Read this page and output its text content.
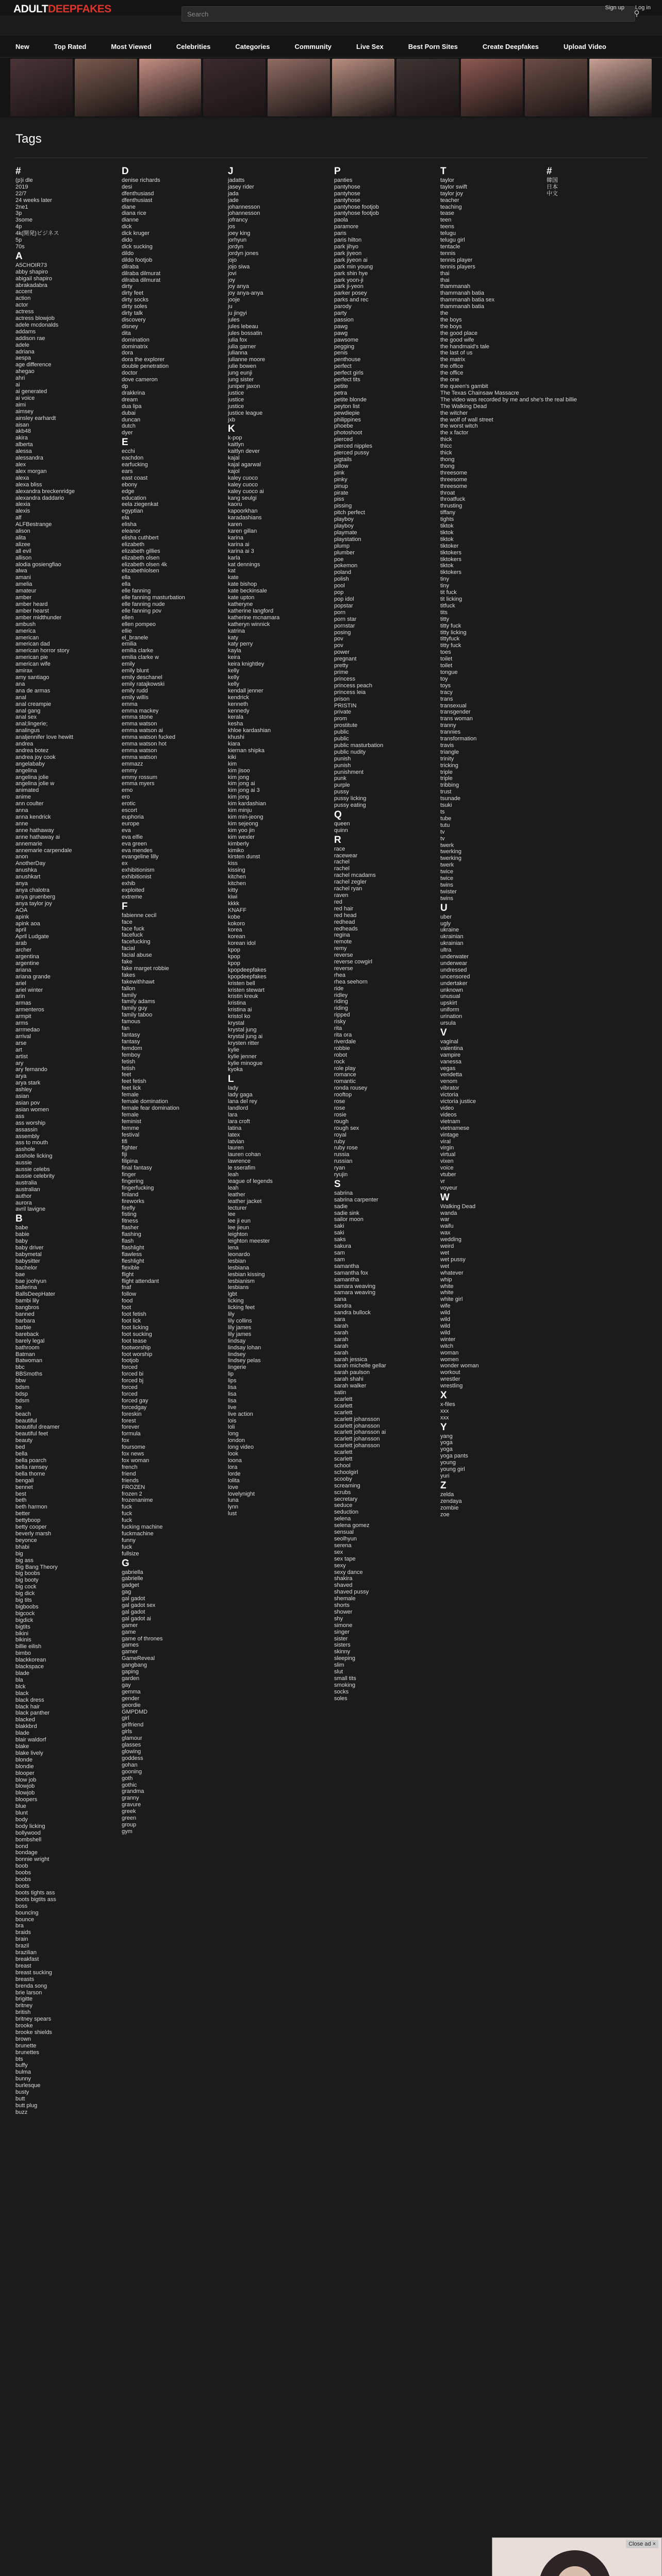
ADULTDEEPFAKES	Search	⚲
Sign up Log in
New	Top Rated	Most Viewed	Celebrities	Categories	Community	Live Sex	Best Porn Sites	Create Deepfakes	Upload Video
Tags
#
(p)i dle
2019
22/7
24 weeks later
2ne1
3p
3some
4p
4k(開発)ビジネス
5p
70s
A
A5CHOIR73
abby shapiro
abigail shapiro
abrakadabra
accent
action
actor
actress
actress blowjob
adele mcdonalds
addams
addison rae
adele
adriana
aespa
age difference
ahegao
ahri
ai
ai generated
ai voice
aimi
aimsey
ainsley earhardt
aisan
akb48
akira
alberta
alessa
alessandra
alex
alex morgan
alexa
alexa bliss
alexandra breckenridge
alexandra daddario
alexia
alexis
alf
ALFBestrange
alison
alita
alizee
all evil
allison
alodia gosiengfiao
alwa
amani
amelia
amateur
amber
amber heard
amber hearst
amber midthunder
ambush
america
american
american dad
american horror story
american pie
american wife
amirax
amy santiago
ana
ana de armas
anal
anal creampie
anal gang
anal sex
anal;lingerie;
analingus
analjennifer love hewitt
andrea
andrea botez
andrea joy cook
angelababy
angelina
angelina jolie
angelina jolie w
animated
anime
ann coulter
anna
anna kendrick
anne
anne hathaway
anne hathaway ai
annemarie
annemarie carpendale
anon
AnotherDay
anushka
anushkart
anya
anya chalotra
anya gruenberg
anya taylor joy
AOA
apink
apink aoa
april
April Ludgate
arab
archer
argentina
argentine
ariana
ariana grande
ariel
ariel winter
arin
armas
armenteros
armpit
arms
arrmedao
arrival
arse
art
artist
ary
ary fernando
arya
arya stark
ashley
asian
asian pov
asian women
ass
ass worship
assassin
assembly
ass to mouth
asshole
asshole licking
aussie
aussie celebs
aussie celebrity
australia
australian
author
aurora
avril lavigne
B
babe
babie
baby
baby driver
babymetal
babysitter
bachelor
bae
bae joohyun
ballerina
BallsDeepHater
bambi lily
bangbros
banned
barbara
barbie
bareback
barely legal
bathroom
Batman
Batwoman
bbc
BBSmoths
bbw
bdsm
bdsp
bdsm
be
beach
beautiful
beautiful dreamer
beautiful feet
beauty
bed
bella
bella poarch
bella ramsey
bella thorne
bengali
bennet
best
beth
beth harmon
better
bettyboop
betty cooper
beverly marsh
beyonce
bhabi
big
big ass
Big Bang Theory
big boobs
big booty
big cock
big dick
big tits
bigboobs
bigcock
bigdick
bigtits
bikini
bikinis
billie eilish
bimbo
blackkorean
blackspace
blade
bla
blck
black
black dress
black hair
black panther
blacked
blakkbrd
blade
blair waldorf
blake
blake lively
blonde
blondie
blooper
blow job
blowjob
blowjob
bloopers
blue
blunt
body
body licking
bollywood
bombshell
bond
bondage
bonnie wright
boob
boobs
boobs
boots
boots tights ass
boots bigtits ass
boss
bouncing
bounce
bra
braids
brain
brazil
brazilian
breakfast
breast
breast sucking
breasts
brenda song
brie larson
brigitte
britney
british
britney spears
brooke
brooke shields
brown
brunette
brunettes
bts
buffy
bulma
bunny
burlesque
busty
butt
butt plug
buzz
D
denise richards
desi
dfenthusiasd
dfenthusiast
diane
diana rice
dianne
dick
dick kruger
dido
dick sucking
dildo
dildo footjob
dilraba
dilraba dilmurat
dilraba dilmurat
dirty
dirty feet
dirty socks
dirty soles
dirty talk
discovery
disney
dita
domination
dominatrix
dora
dora the explorer
double penetration
doctor
dove cameron
dp
drakkrina
dream
dua lipa
dubai
duncan
dutch
dyer
E
ecchi
eachdon
earfucking
ears
east coast
ebony
edge
education
eela ziegenkat
egyptian
ela
elisha
eleanor
elisha cuthbert
elizabeth
elizabeth gillies
elizabeth olsen
elizabeth olsen 4k
elizabethlolsen
ella
ella
elle fanning
elle fanning masturbation
elle fanning nude
elle fanning pov
ellen
ellen pompeo
ellie
el_branele
emilia
emilia clarke
emilia clarke w
emily
emily blunt
emily deschanel
emily ratajkowski
emily rudd
emily willis
emma
emma mackey
emma stone
emma watson
emma watson ai
emma watson fucked
emma watson hot
emma watson
emma watson
emmazz
emmy
emmy rossum
emma myers
emo
ero
erotic
escort
euphoria
europe
eva
eva elfie
eva green
eva mendes
evangeline lilly
ex
exhibitionism
exhibitionist
exhib
exploited
extreme
F
fabienne cecil
face
face fuck
facefuck
facefucking
facial
facial abuse
fake
fake marget robbie
fakes
fakewithhawt
fallon
family
family adams
family guy
family taboo
famous
fan
fantasy
fantasy
femdom
femboy
fetish
fetish
feet
feet fetish
feet lick
female
female domination
female fear domination
female
feminist
femme
festival
fifi
fighter
fiji
filipina
final fantasy
finger
fingering
fingerfucking
finland
fireworks
firefly
fisting
fitness
flasher
flashing
flash
flashlight
flawless
fleshlight
flexible
flight
flight attendant
fnaf
follow
food
foot
foot fetish
foot lick
foot licking
foot sucking
foot tease
footworship
foot worship
footjob
forced
forced bi
forced bj
forced
forced
forced gay
forcedgay
foreskin
forest
forever
formula
fox
foursome
fox news
fox woman
french
friend
friends
FROZEN
frozen 2
frozenanime
fuck
fuck
fuck
fucking machine
fuckmachine
funny
fuck
fullsize
G
gabriella
gabrielle
gadget
gag
gal gadot
gal gadot sex
gal gadot
gal gadot ai
gamer
game
game of thrones
games
gamer
GameReveal
gangbang
gaping
garden
gay
gemma
gender
geordie
GMPDMD
girl
girlfriend
girls
glamour
glasses
glowing
goddess
gohan
gooning
goth
gothic
grandma
granny
gravure
greek
green
group
gym
J
jadatts
jasey rider
jada
jade
johannesson
johannesson
jofrancy
jos
joey king
jorhyun
jordyn
jordyn jones
jojo
jojo siwa
jovi
joy
joy anya
joy anya-anya
jooje
ju
ju jingyi
jules
jules lebeau
jules bossatin
julia fox
julia garner
julianna
julianne moore
julie bowen
jung eunji
jung sister
juniper jaxon
justice
justice
justice
justice league
jxb
K
k-pop
kaitlyn
kaitlyn dever
kajal
kajal agarwal
kajol
kaley cuoco
kaley cuoco
kaley cuoco ai
kang seulgi
kaoru
kapoorkhan
karadashians
karen
karen gillan
karina
karina ai
karina ai 3
karla
kat dennings
kat
kate
kate bishop
kate beckinsale
kate upton
katheryne
katherine langford
katherine mcnamara
katheryn winnick
katrina
katy
katy perry
kayla
keira
keira knightley
kelly
kelly
kelly
kendall jenner
kendrick
kenneth
kennedy
kerala
kesha
khloe kardashian
khushi
kiara
kiernan shipka
kiki
kim
kim jisoo
kim jong
kim jong ai
kim jong ai 3
kim jong
kim kardashian
kim minju
kim min-jeong
kim sejeong
kim yoo jin
kim wexler
kimberly
kimiko
kirsten dunst
kiss
kissing
kitchen
kitchen
kitty
kiwi
kkkk
KNAFF
kobe
kokoro
korea
korean
korean idol
kpop
kpop
kpop
kpopdeepfakes
kpopdeepfakes
kristen bell
kristen stewart
kristin kreuk
kristina
kristina ai
kristol ko
krystal
krystal jung
krystal jung ai
krysten ritter
kylie
kylie jenner
kylie minogue
kyoka
L
lady
lady gaga
lana del rey
landlord
lara
lara croft
latina
latex
latvian
lauren
lauren cohan
lawrence
le sserafim
leah
league of legends
leah
leather
leather jacket
lecturer
lee
lee ji eun
lee jieun
leighton
leighton meester
lena
leonardo
lesbian
lesbiana
lesbian kissing
lesbianism
lesbians
lgbt
licking
licking feet
lily
lily collins
lily james
lily james
lindsay
lindsay lohan
lindsey
lindsey pelas
lingerie
lip
lips
lisa
lisa
lisa
live
live action
lois
loli
long
london
long video
look
loona
lora
lorde
lolita
love
lovelynight
luna
lynn
lust
P
panties
pantyhose
pantyhose
pantyhose
pantyhose footjob
pantyhose footjob
paola
paramore
paris
paris hilton
park jihyo
park jiyeon
park jiyeon ai
park min young
park shin hye
park yoon-ji
park ji-yeon
parker posey
parks and rec
parody
party
passion
pawg
pawg
pawsome
pegging
penis
penthouse
perfect
perfect girls
perfect tits
petite
petra
petite blonde
peyton list
pewdiepie
philippines
phoebe
photoshoot
pierced
pierced nipples
pierced pussy
pigtails
pillow
pink
pinky
pinup
pirate
piss
pissing
pitch perfect
playboy
playboy
playmate
playstation
plump
plumber
poe
pokemon
poland
polish
pool
pop
pop idol
popstar
porn
porn star
pornstar
posing
pov
pov
power
pregnant
pretty
prime
princess
princess peach
princess leia
prison
PRISTIN
private
prom
prostitute
public
public
public masturbation
public nudity
punish
punish
punishment
punk
purple
pussy
pussy licking
pussy eating
Q
queen
quinn
R
race
racewear
rachel
rachel
rachel mcadams
rachel zegler
rachel ryan
raven
red
red hair
red head
redhead
redheads
regina
remote
remy
reverse
reverse cowgirl
reverse
rhea
rhea seehorn
ride
ridley
riding
riding
ripped
risky
rita
rita ora
riverdale
robbie
robot
rock
role play
romance
romantic
ronda rousey
rooftop
rose
rose
rosie
rough
rough sex
royal
ruby
ruby rose
russia
russian
ryan
ryujin
S
sabrina
sabrina carpenter
sadie
sadie sink
sailor moon
saki
saki
saks
sakura
sam
sam
samantha
samantha fox
samantha
samara weaving
samara weaving
sana
sandra
sandra bullock
sara
sarah
sarah
sarah
sarah
sarah
sarah jessica
sarah michelle gellar
sarah paulson
sarah shahi
sarah walker
satin
scarlett
scarlett
scarlett
scarlett johansson
scarlett johansson
scarlett johansson ai
scarlett johansson
scarlett johansson
scarlett
scarlett
school
schoolgirl
scooby
screaming
scrubs
secretary
seduce
seduction
selena
selena gomez
sensual
seolhyun
serena
sex
sex tape
sexy
sexy dance
shakira
shaved
shaved pussy
shemale
shorts
shower
shy
simone
singer
sister
sisters
skinny
sleeping
slim
slut
small tits
smoking
socks
soles
T
taylor
taylor swift
taylor joy
teacher
teaching
tease
teen
teens
telugu
telugu girl
tentacle
tennis
tennis player
tennis players
thai
thai
thammanah
thammanah batia
thammanah batia sex
thammanah batia
the
the boys
the boys
the good place
the good wife
the handmaid's tale
the last of us
the matrix
the office
the office
the one
the queen's gambit
The Texas Chainsaw Massacre
The video was recorded by me and she's the real billie
The Walking Dead
the witcher
the wolf of wall street
the worst witch
the x factor
thick
thicc
thick
thong
thong
threesome
threesome
threesome
throat
throatfuck
thrusting
tiffany
tights
tiktok
tiktok
tiktok
tiktoker
tiktokers
tiktokers
tiktok
tiktokers
tiny
tiny
tit fuck
tit licking
titfuck
tits
titty
titty fuck
titty licking
tittyfuck
titty fuck
toes
toilet
toilet
tongue
toy
toys
tracy
trans
transexual
transgender
trans woman
tranny
trannies
transformation
travis
triangle
trinity
tricking
triple
triple
tribbing
trust
tsunade
tsuki
ts
tube
tutu
tv
tv
twerk
twerking
twerking
twerk
twice
twice
twins
twister
twins
U
uber
ugly
ukraine
ukrainian
ukrainian
ultra
underwater
underwear
undressed
uncensored
undertaker
unknown
unusual
upskirt
uniform
urination
ursula
V
vaginal
valentina
vampire
vanessa
vegas
vendetta
venom
vibrator
victoria
victoria justice
video
videos
vietnam
vietnamese
vintage
viral
virgin
virtual
vixen
voice
vtuber
vr
voyeur
W
Walking Dead
wanda
war
waifu
wax
wedding
weird
wet
wet pussy
wet
whatever
whip
white
white
white girl
wife
wild
wild
wild
wild
winter
witch
woman
women
wonder woman
workout
wrestler
wrestling
X
x-files
xxx
xxx
Y
yang
yoga
yoga
yoga pants
young
young girl
yuri
Z
zelda
zendaya
zombie
zoe
#
韓国
日本
中文
Close ad ×
